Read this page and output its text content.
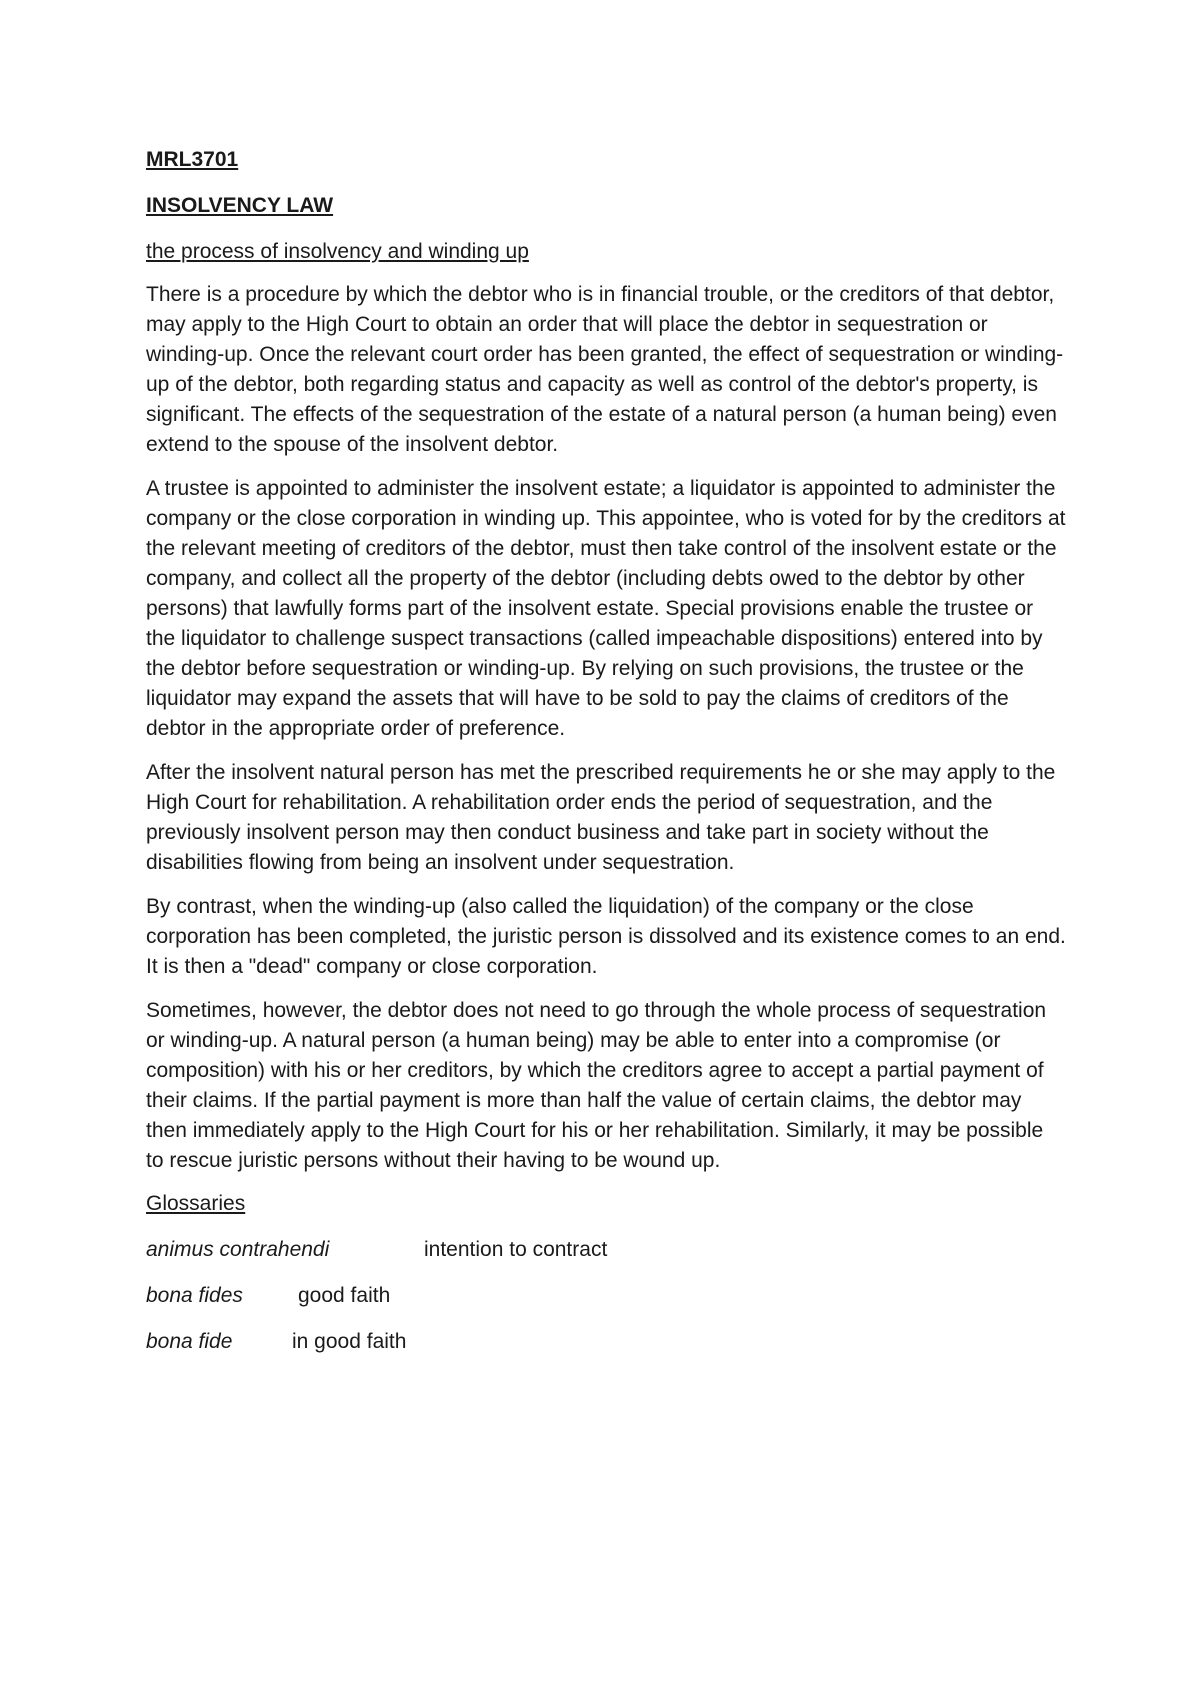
MRL3701
INSOLVENCY LAW
the process of insolvency and winding up

There is a procedure by which the debtor who is in financial trouble, or the creditors of that debtor, may apply to the High Court to obtain an order that will place the debtor in sequestration or winding-up. Once the relevant court order has been granted, the effect of sequestration or winding-up of the debtor, both regarding status and capacity as well as control of the debtor's property, is significant. The effects of the sequestration of the estate of a natural person (a human being) even extend to the spouse of the insolvent debtor.

A trustee is appointed to administer the insolvent estate; a liquidator is appointed to administer the company or the close corporation in winding up. This appointee, who is voted for by the creditors at the relevant meeting of creditors of the debtor, must then take control of the insolvent estate or the company, and collect all the property of the debtor (including debts owed to the debtor by other persons) that lawfully forms part of the insolvent estate. Special provisions enable the trustee or the liquidator to challenge suspect transactions (called impeachable dispositions) entered into by the debtor before sequestration or winding-up. By relying on such provisions, the trustee or the liquidator may expand the assets that will have to be sold to pay the claims of creditors of the debtor in the appropriate order of preference.

After the insolvent natural person has met the prescribed requirements he or she may apply to the High Court for rehabilitation. A rehabilitation order ends the period of sequestration, and the previously insolvent person may then conduct business and take part in society without the disabilities flowing from being an insolvent under sequestration.

By contrast, when the winding-up (also called the liquidation) of the company or the close corporation has been completed, the juristic person is dissolved and its existence comes to an end. It is then a "dead" company or close corporation.

Sometimes, however, the debtor does not need to go through the whole process of sequestration or winding-up. A natural person (a human being) may be able to enter into a compromise (or composition) with his or her creditors, by which the creditors agree to accept a partial payment of their claims. If the partial payment is more than half the value of certain claims, the debtor may then immediately apply to the High Court for his or her rehabilitation. Similarly, it may be possible to rescue juristic persons without their having to be wound up.

Glossaries
animus contrahendi	intention to contract
bona fides	good faith
bona fide	in good faith
